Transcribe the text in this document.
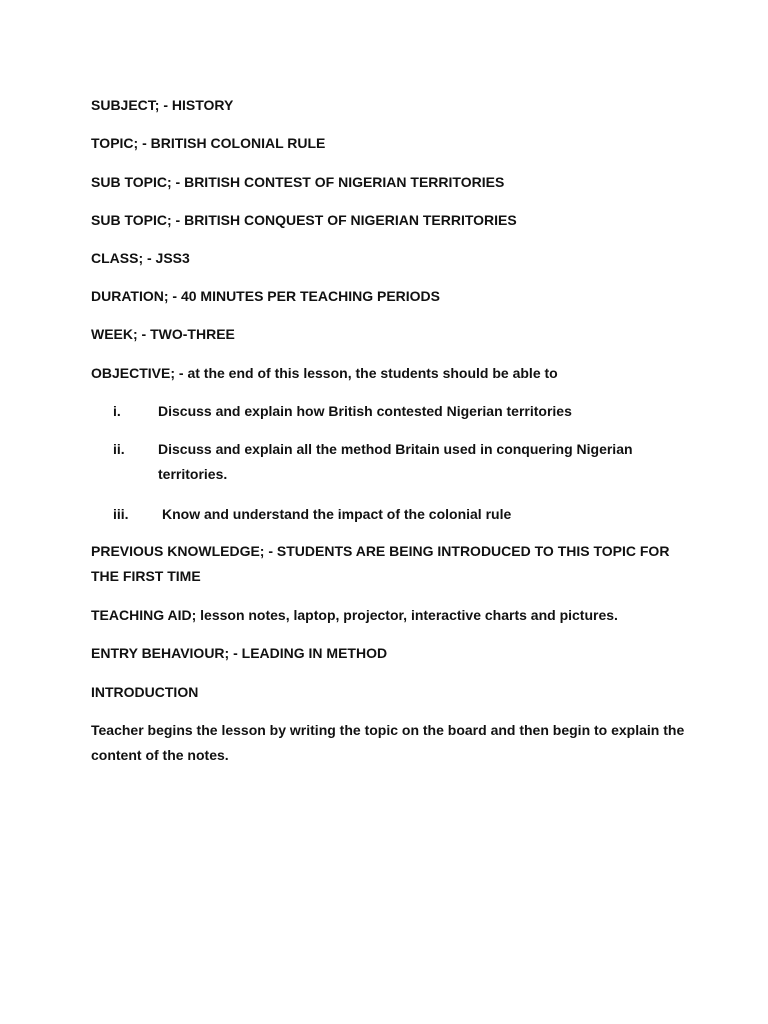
SUBJECT; - HISTORY
TOPIC; - BRITISH COLONIAL RULE
SUB TOPIC; - BRITISH CONTEST OF NIGERIAN TERRITORIES
SUB TOPIC; - BRITISH CONQUEST OF NIGERIAN TERRITORIES
CLASS; - JSS3
DURATION; - 40 MINUTES PER TEACHING PERIODS
WEEK; - TWO-THREE
OBJECTIVE; - at the end of this lesson, the students should be able to
i.	Discuss and explain how British contested Nigerian territories
ii.	Discuss and explain all the method Britain used in conquering Nigerian territories.
iii.	Know and understand the impact of the colonial rule
PREVIOUS KNOWLEDGE; - STUDENTS ARE BEING INTRODUCED TO THIS TOPIC FOR THE FIRST TIME
TEACHING AID; lesson notes, laptop, projector, interactive charts and pictures.
ENTRY BEHAVIOUR; - LEADING IN METHOD
INTRODUCTION
Teacher begins the lesson by writing the topic on the board and then begin to explain the content of the notes.
